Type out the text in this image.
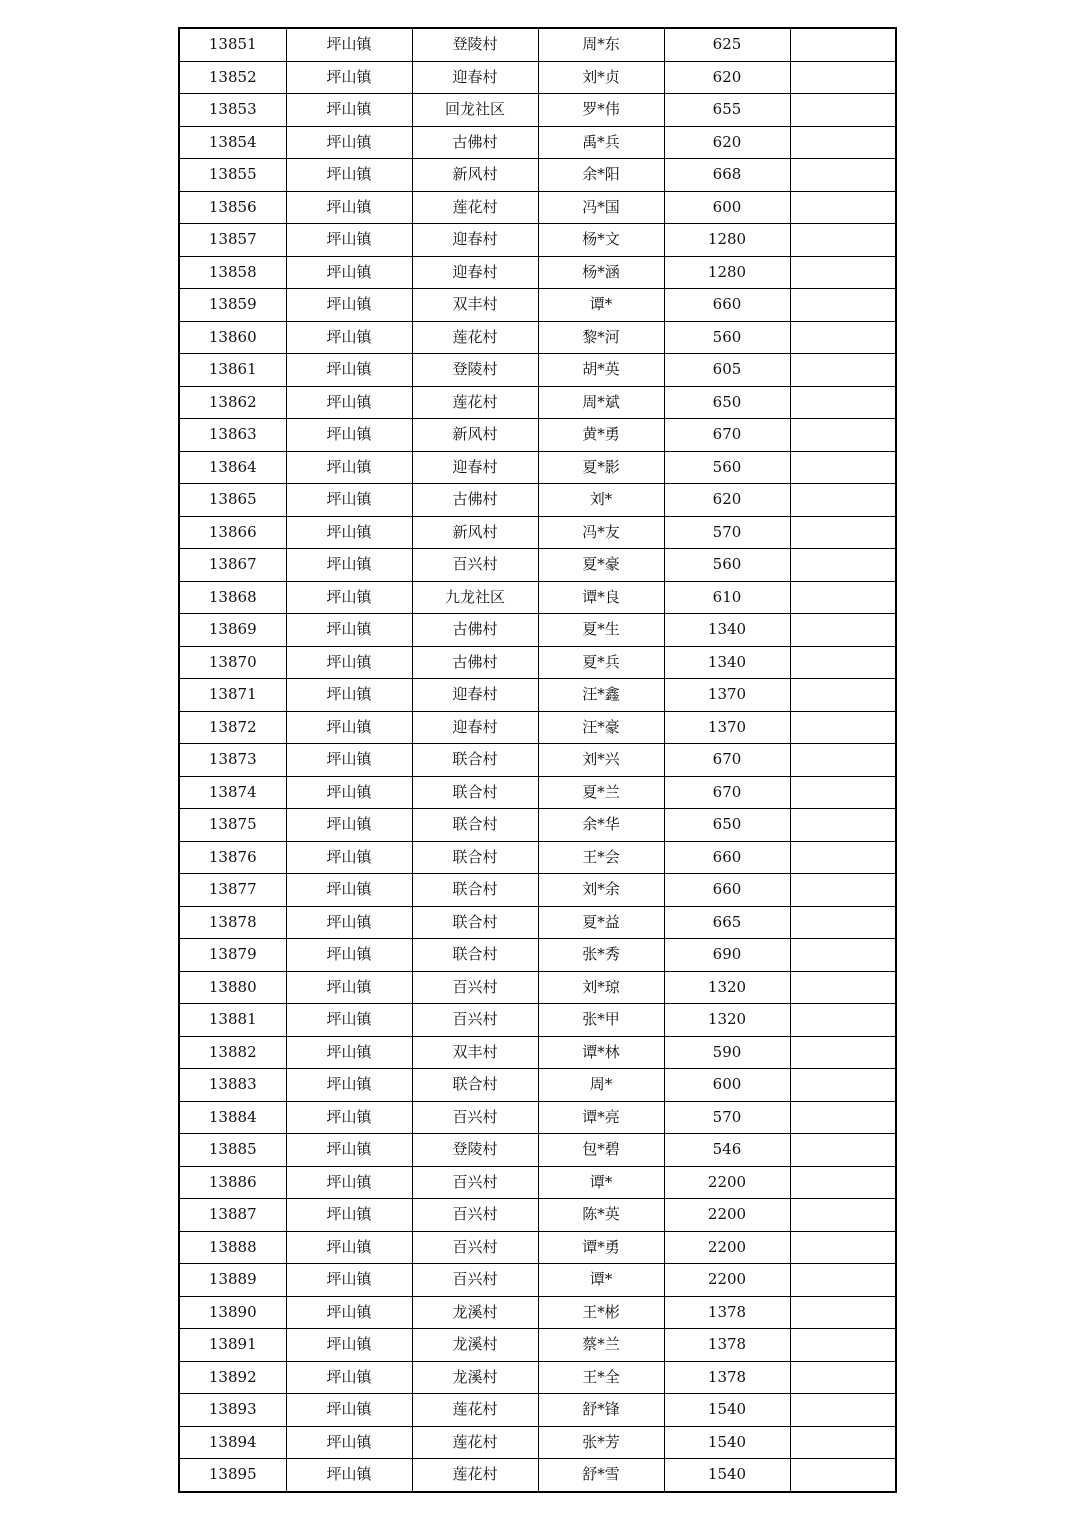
13851	坪山镇	登陵村	周*东	625	
13852	坪山镇	迎春村	刘*贞	620	
13853	坪山镇	回龙社区	罗*伟	655	
13854	坪山镇	古佛村	禹*兵	620	
13855	坪山镇	新风村	余*阳	668	
13856	坪山镇	莲花村	冯*国	600	
13857	坪山镇	迎春村	杨*文	1280	
13858	坪山镇	迎春村	杨*涵	1280	
13859	坪山镇	双丰村	谭*	660	
13860	坪山镇	莲花村	黎*河	560	
13861	坪山镇	登陵村	胡*英	605	
13862	坪山镇	莲花村	周*斌	650	
13863	坪山镇	新风村	黄*勇	670	
13864	坪山镇	迎春村	夏*影	560	
13865	坪山镇	古佛村	刘*	620	
13866	坪山镇	新风村	冯*友	570	
13867	坪山镇	百兴村	夏*豪	560	
13868	坪山镇	九龙社区	谭*良	610	
13869	坪山镇	古佛村	夏*生	1340	
13870	坪山镇	古佛村	夏*兵	1340	
13871	坪山镇	迎春村	汪*鑫	1370	
13872	坪山镇	迎春村	汪*豪	1370	
13873	坪山镇	联合村	刘*兴	670	
13874	坪山镇	联合村	夏*兰	670	
13875	坪山镇	联合村	余*华	650	
13876	坪山镇	联合村	王*会	660	
13877	坪山镇	联合村	刘*余	660	
13878	坪山镇	联合村	夏*益	665	
13879	坪山镇	联合村	张*秀	690	
13880	坪山镇	百兴村	刘*琼	1320	
13881	坪山镇	百兴村	张*甲	1320	
13882	坪山镇	双丰村	谭*林	590	
13883	坪山镇	联合村	周*	600	
13884	坪山镇	百兴村	谭*亮	570	
13885	坪山镇	登陵村	包*碧	546	
13886	坪山镇	百兴村	谭*	2200	
13887	坪山镇	百兴村	陈*英	2200	
13888	坪山镇	百兴村	谭*勇	2200	
13889	坪山镇	百兴村	谭*	2200	
13890	坪山镇	龙溪村	王*彬	1378	
13891	坪山镇	龙溪村	蔡*兰	1378	
13892	坪山镇	龙溪村	王*全	1378	
13893	坪山镇	莲花村	舒*锋	1540	
13894	坪山镇	莲花村	张*芳	1540	
13895	坪山镇	莲花村	舒*雪	1540	
